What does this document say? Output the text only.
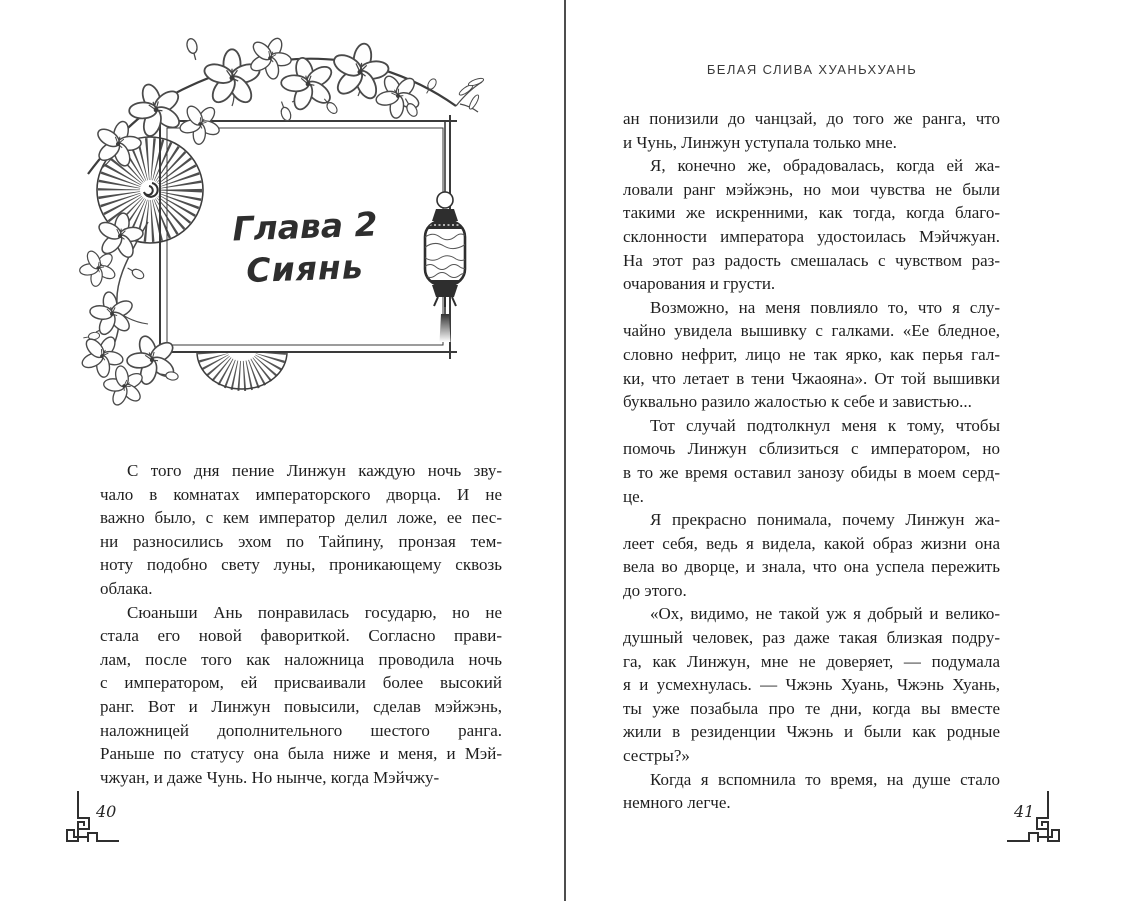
Глава 2
Сиянь
С того дня пение Линжун каждую ночь зву-
чало в комнатах императорского дворца. И не
важно было, с кем император делил ложе, ее пес-
ни разносились эхом по Тайпину, пронзая тем-
ноту подобно свету луны, проникающему сквозь
облака.
Сюаньши Ань понравилась государю, но не
стала его новой фавориткой. Согласно прави-
лам, после того как наложница проводила ночь
с императором, ей присваивали более высокий
ранг. Вот и Линжун повысили, сделав мэйжэнь,
наложницей дополнительного шестого ранга.
Раньше по статусу она была ниже и меня, и Мэй-
чжуан, и даже Чунь. Но нынче, когда Мэйчжу-
40
БЕЛАЯ СЛИВА ХУАНЬХУАНЬ
ан понизили до чанцзай, до того же ранга, что
и Чунь, Линжун уступала только мне.
Я, конечно же, обрадовалась, когда ей жа-
ловали ранг мэйжэнь, но мои чувства не были
такими же искренними, как тогда, когда благо-
склонности императора удостоилась Мэйчжуан.
На этот раз радость смешалась с чувством раз-
очарования и грусти.
Возможно, на меня повлияло то, что я слу-
чайно увидела вышивку с галками. «Ее бледное,
словно нефрит, лицо не так ярко, как перья гал-
ки, что летает в тени Чжаояна». От той вышивки
буквально разило жалостью к себе и завистью...
Тот случай подтолкнул меня к тому, чтобы
помочь Линжун сблизиться с императором, но
в то же время оставил занозу обиды в моем серд-
це.
Я прекрасно понимала, почему Линжун жа-
леет себя, ведь я видела, какой образ жизни она
вела во дворце, и знала, что она успела пережить
до этого.
«Ох, видимо, не такой уж я добрый и велико-
душный человек, раз даже такая близкая подру-
га, как Линжун, мне не доверяет, — подумала
я и усмехнулась. — Чжэнь Хуань, Чжэнь Хуань,
ты уже позабыла про те дни, когда вы вместе
жили в резиденции Чжэнь и были как родные
сестры?»
Когда я вспомнила то время, на душе стало
немного легче.	41
